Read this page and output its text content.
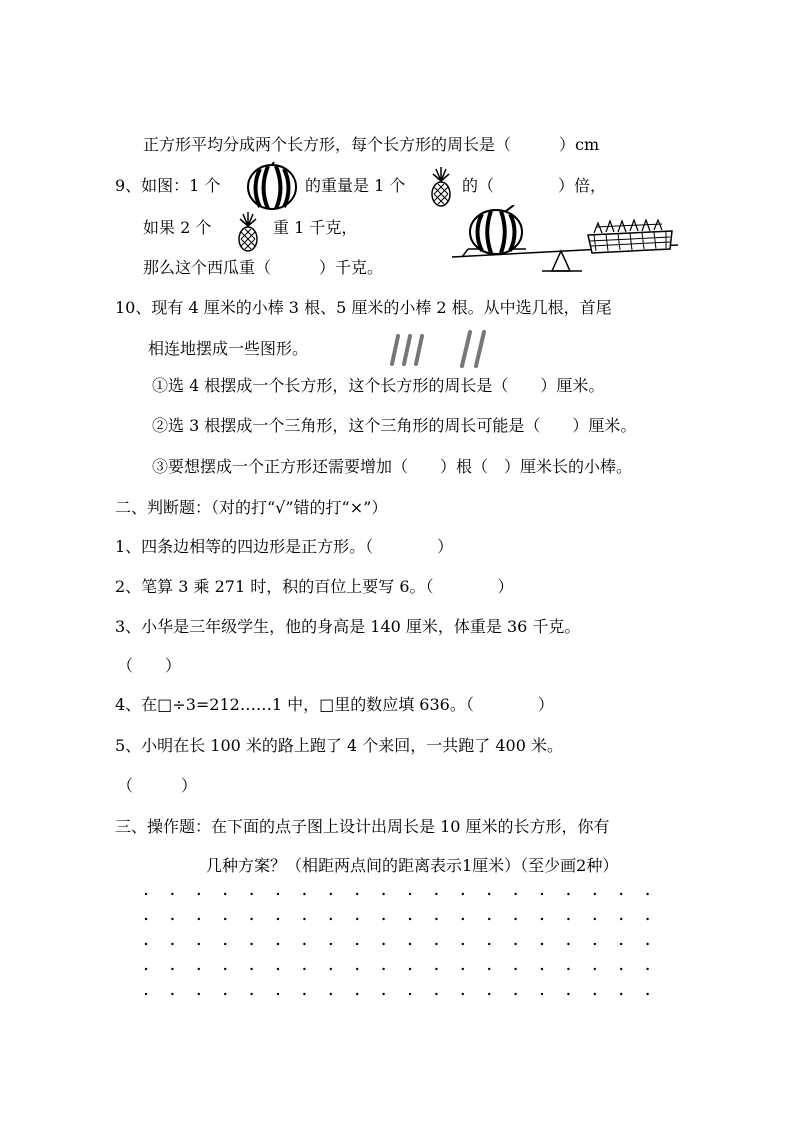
正方形平均分成两个长方形，每个长方形的周长是（　　　）cm
9、如图：1 个	的重量是 1 个	的（　　　　）倍，
如果 2 个	重 1 千克，
那么这个西瓜重（　　　）千克。
10、现有 4 厘米的小棒 3 根、5 厘米的小棒 2 根。从中选几根，首尾
相连地摆成一些图形。
①选 4 根摆成一个长方形，这个长方形的周长是（　　）厘米。
②选 3 根摆成一个三角形，这个三角形的周长可能是（　　）厘米。
③要想摆成一个正方形还需要增加（　　）根（　）厘米长的小棒。
二、判断题：（对的打“√”错的打“×”）
1、四条边相等的四边形是正方形。（　　　　）
2、笔算 3 乘 271 时，积的百位上要写 6。（　　　　）
3、小华是三年级学生，他的身高是 140 厘米，体重是 36 千克。
（　　）
4、在□÷3=212……1 中，□里的数应填 636。（　　　　）
5、小明在长 100 米的路上跑了 4 个来回，一共跑了 400 米。
（　　　）
三、操作题：在下面的点子图上设计出周长是 10 厘米的长方形，你有
几种方案？（相距两点间的距离表示1厘米）（至少画2种）
